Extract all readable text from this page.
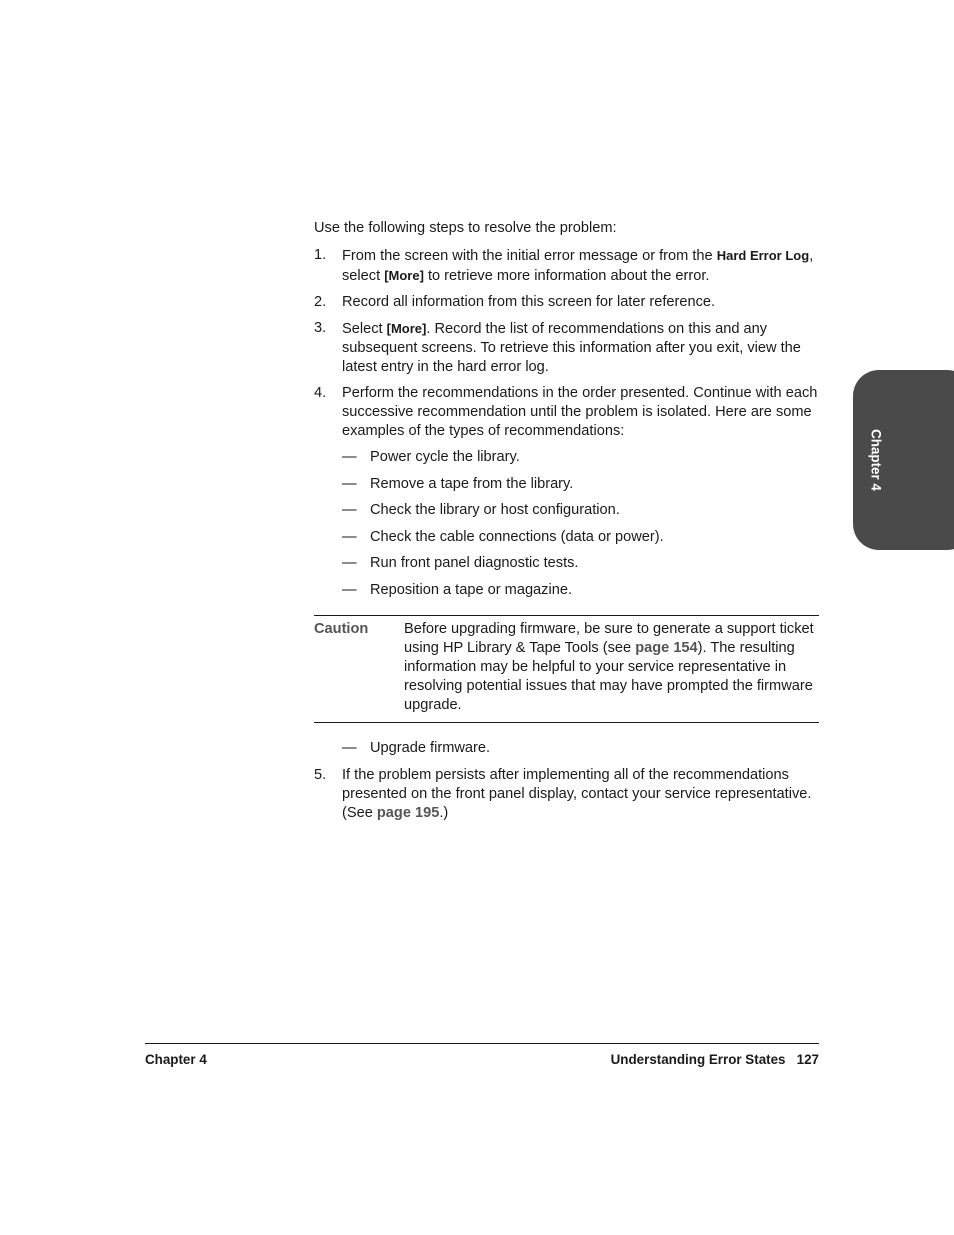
Chapter 4

Use the following steps to resolve the problem:

1. From the screen with the initial error message or from the Hard Error Log, select [More] to retrieve more information about the error.
2. Record all information from this screen for later reference.
3. Select [More]. Record the list of recommendations on this and any subsequent screens. To retrieve this information after you exit, view the latest entry in the hard error log.
4. Perform the recommendations in the order presented. Continue with each successive recommendation until the problem is isolated. Here are some examples of the types of recommendations:
— Power cycle the library.
— Remove a tape from the library.
— Check the library or host configuration.
— Check the cable connections (data or power).
— Run front panel diagnostic tests.
— Reposition a tape or magazine.
Caution	Before upgrading firmware, be sure to generate a support ticket using HP Library & Tape Tools (see page 154). The resulting information may be helpful to your service representative in resolving potential issues that may have prompted the firmware upgrade.
— Upgrade firmware.
5. If the problem persists after implementing all of the recommendations presented on the front panel display, contact your service representative. (See page 195.)
Chapter 4	Understanding Error States   127
